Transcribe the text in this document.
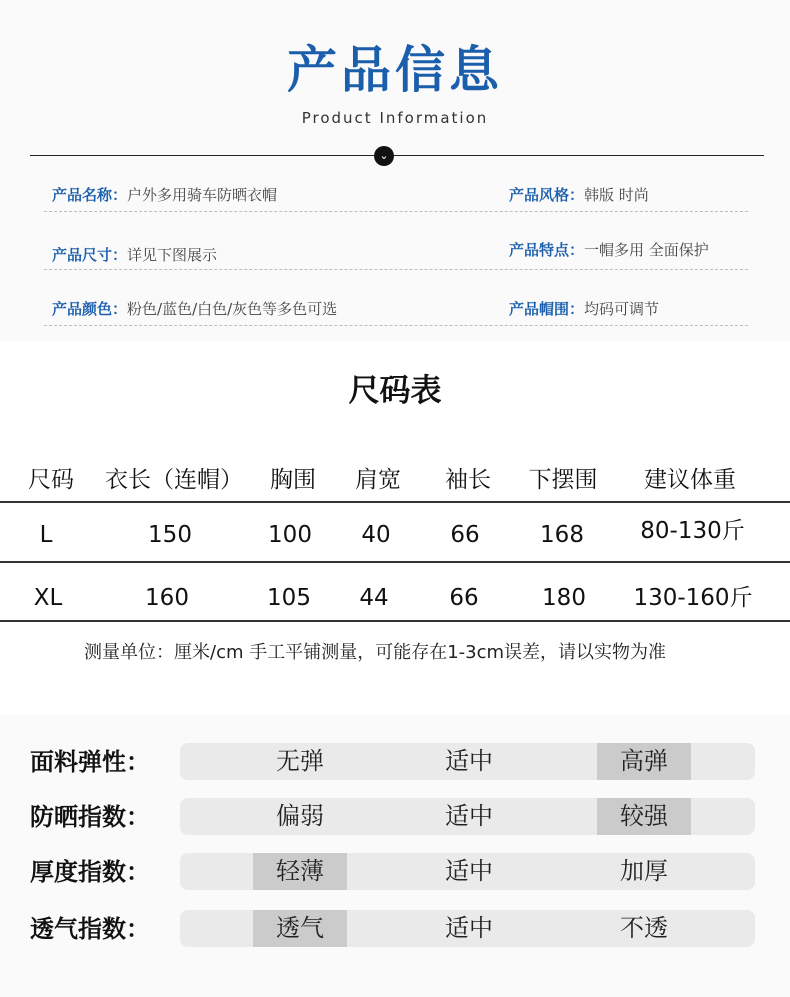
产品信息
Product Information
⌄
产品名称：户外多用骑车防晒衣帽	产品风格：韩版 时尚
产品尺寸：详见下图展示	产品特点：一帽多用 全面保护
产品颜色：粉色/蓝色/白色/灰色等多色可选	产品帽围：均码可调节
尺码表
尺码	衣长（连帽）	胸围	肩宽	袖长	下摆围	建议体重
L	150	100	40	66	168	80-130斤
XL	160	105	44	66	180	130-160斤
测量单位：厘米/cm 手工平铺测量，可能存在1-3cm误差，请以实物为准
面料弹性：	无弹	适中	高弹
防晒指数：	偏弱	适中	较强
厚度指数：	轻薄	适中	加厚
透气指数：	透气	适中	不透
